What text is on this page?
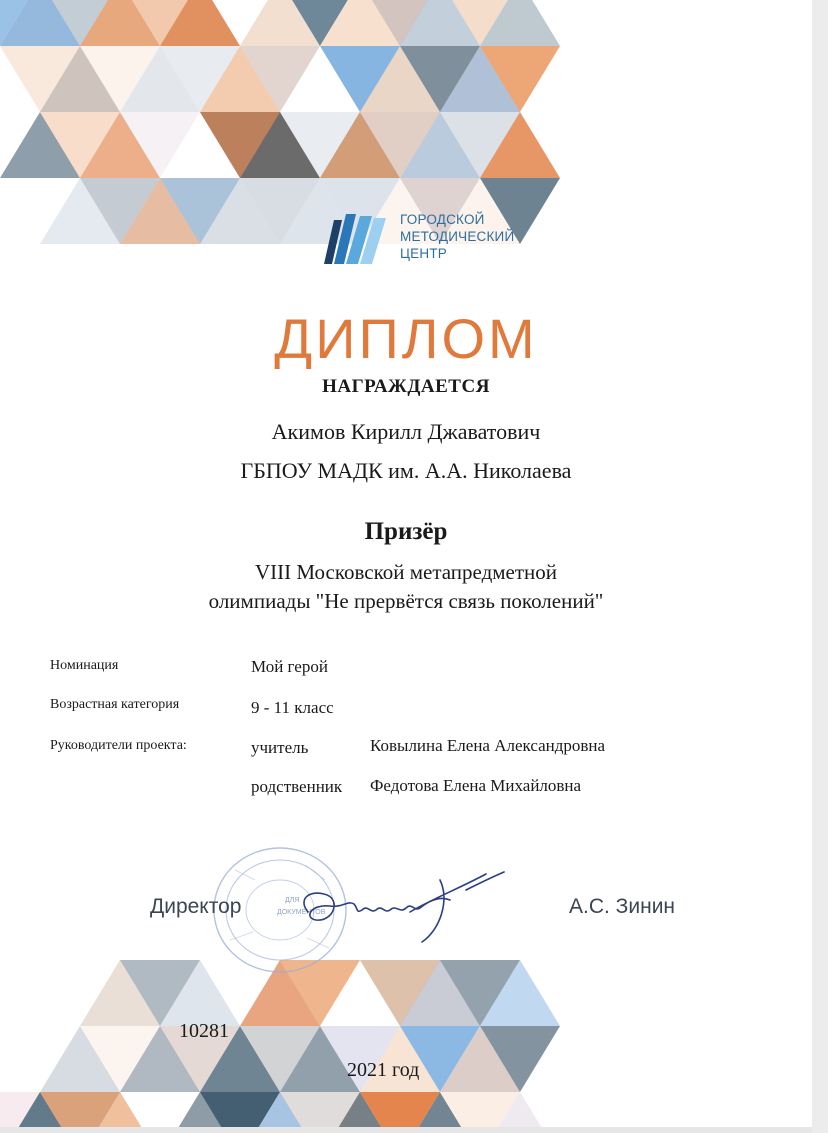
ГОРОДСКОЙ
МЕТОДИЧЕСКИЙ
ЦЕНТР
ДИПЛОМ
НАГРАЖДАЕТСЯ
Акимов Кирилл Джаватович
ГБПОУ МАДК им. А.А. Николаева
Призёр
VIII Московской метапредметной
олимпиады "Не прервётся связь поколений"
Номинация	Мой герой
Возрастная категория	9 - 11 класс
Руководители проекта:	учитель	Ковылина Елена Александровна
родственник Федотова Елена Михайловна
ДЛЯ
ДОКУМЕНТОВ
Директор	А.С. Зинин
10281
2021 год
